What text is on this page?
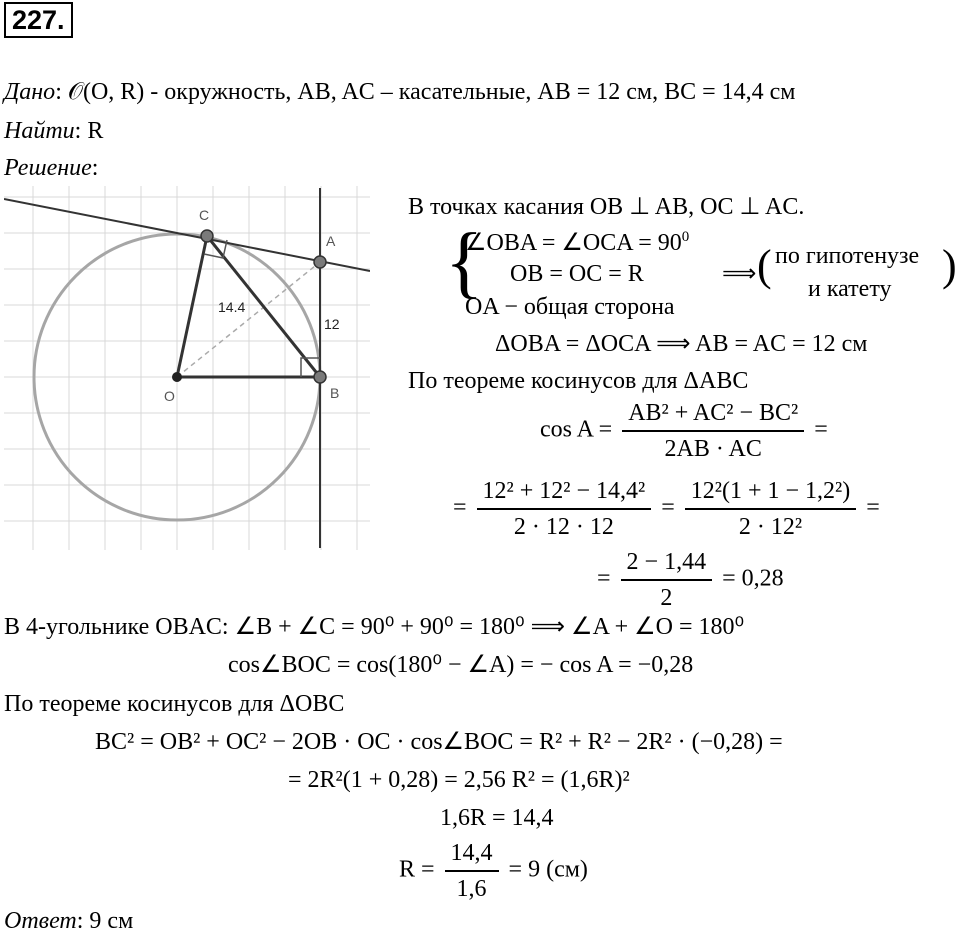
227.
Дано: 𝒪(O, R) - окружность, AB, AC – касательные, AB = 12 см, BC = 14,4 см
Найти: R
Решение:
C
A
O	B
14.4
12
В точках касания OB ⊥ AB, OC ⊥ AC.
{
∠OBA = ∠OCA = $90^0$
OB = OC = R
OA − общая сторона
⟹ ( по гипотенузе
и катету )
ΔOBA = ΔOCA ⟹ AB = AC = 12 см
По теореме косинусов для ΔABC
$\cos A = \frac{\text{AB² + AC² − BC²}}{2AB \cdot AC}$ =
= $\frac{\text{12² + 12² − 14,4²}}{2 \cdot 12 \cdot 12} = \frac{\text{12²(1 + 1 − 1,2²)}}{\text{2 · 12²}}$ =
= $\frac{2 - 1,44}{2} = 0,28$
В 4-угольнике OBAC: ∠B + ∠C = 90⁰ + 90⁰ = 180⁰ ⟹ ∠A + ∠O = 180⁰
cos∠BOC = cos(180⁰ − ∠A) = − cos A = −0,28
По теореме косинусов для ΔOBC
BC² = OB² + OC² − 2OB · OC · cos∠BOC = R² + R² − 2R² · (−0,28) =
= 2R²(1 + 0,28) = 2,56 R² = (1,6R)²
1,6R = 14,4
$R = \frac{14,4}{1,6} = 9$ (см)
Ответ: 9 см
